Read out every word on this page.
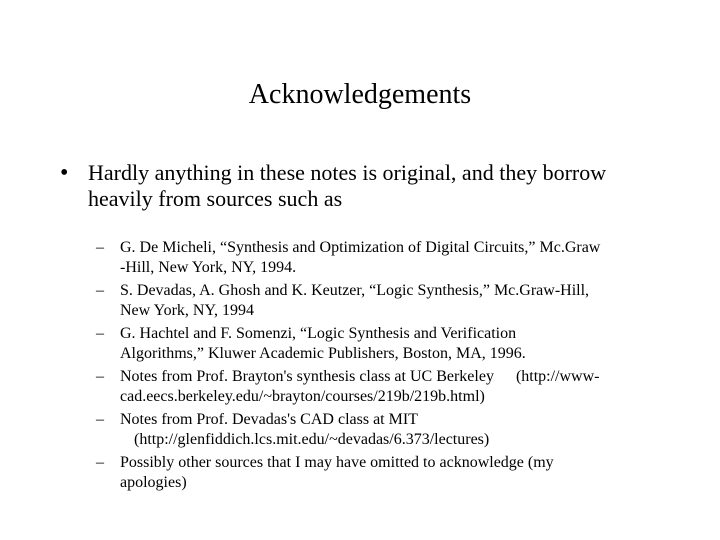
Acknowledgements
• Hardly anything in these notes is original, and they borrow heavily from sources such as
– G. De Micheli, “Synthesis and Optimization of Digital Circuits,” Mc.Graw
-Hill, New York, NY, 1994.
– S. Devadas, A. Ghosh and K. Keutzer, “Logic Synthesis,” Mc.Graw-Hill,
New York, NY, 1994
– G. Hachtel and F. Somenzi, “Logic Synthesis and Verification
Algorithms,” Kluwer Academic Publishers, Boston, MA, 1996.
– Notes from Prof. Brayton's synthesis class at UC Berkeley (http://www-
cad.eecs.berkeley.edu/~brayton/courses/219b/219b.html)
– Notes from Prof. Devadas's CAD class at MIT
(http://glenfiddich.lcs.mit.edu/~devadas/6.373/lectures)
– Possibly other sources that I may have omitted to acknowledge (my
apologies)
